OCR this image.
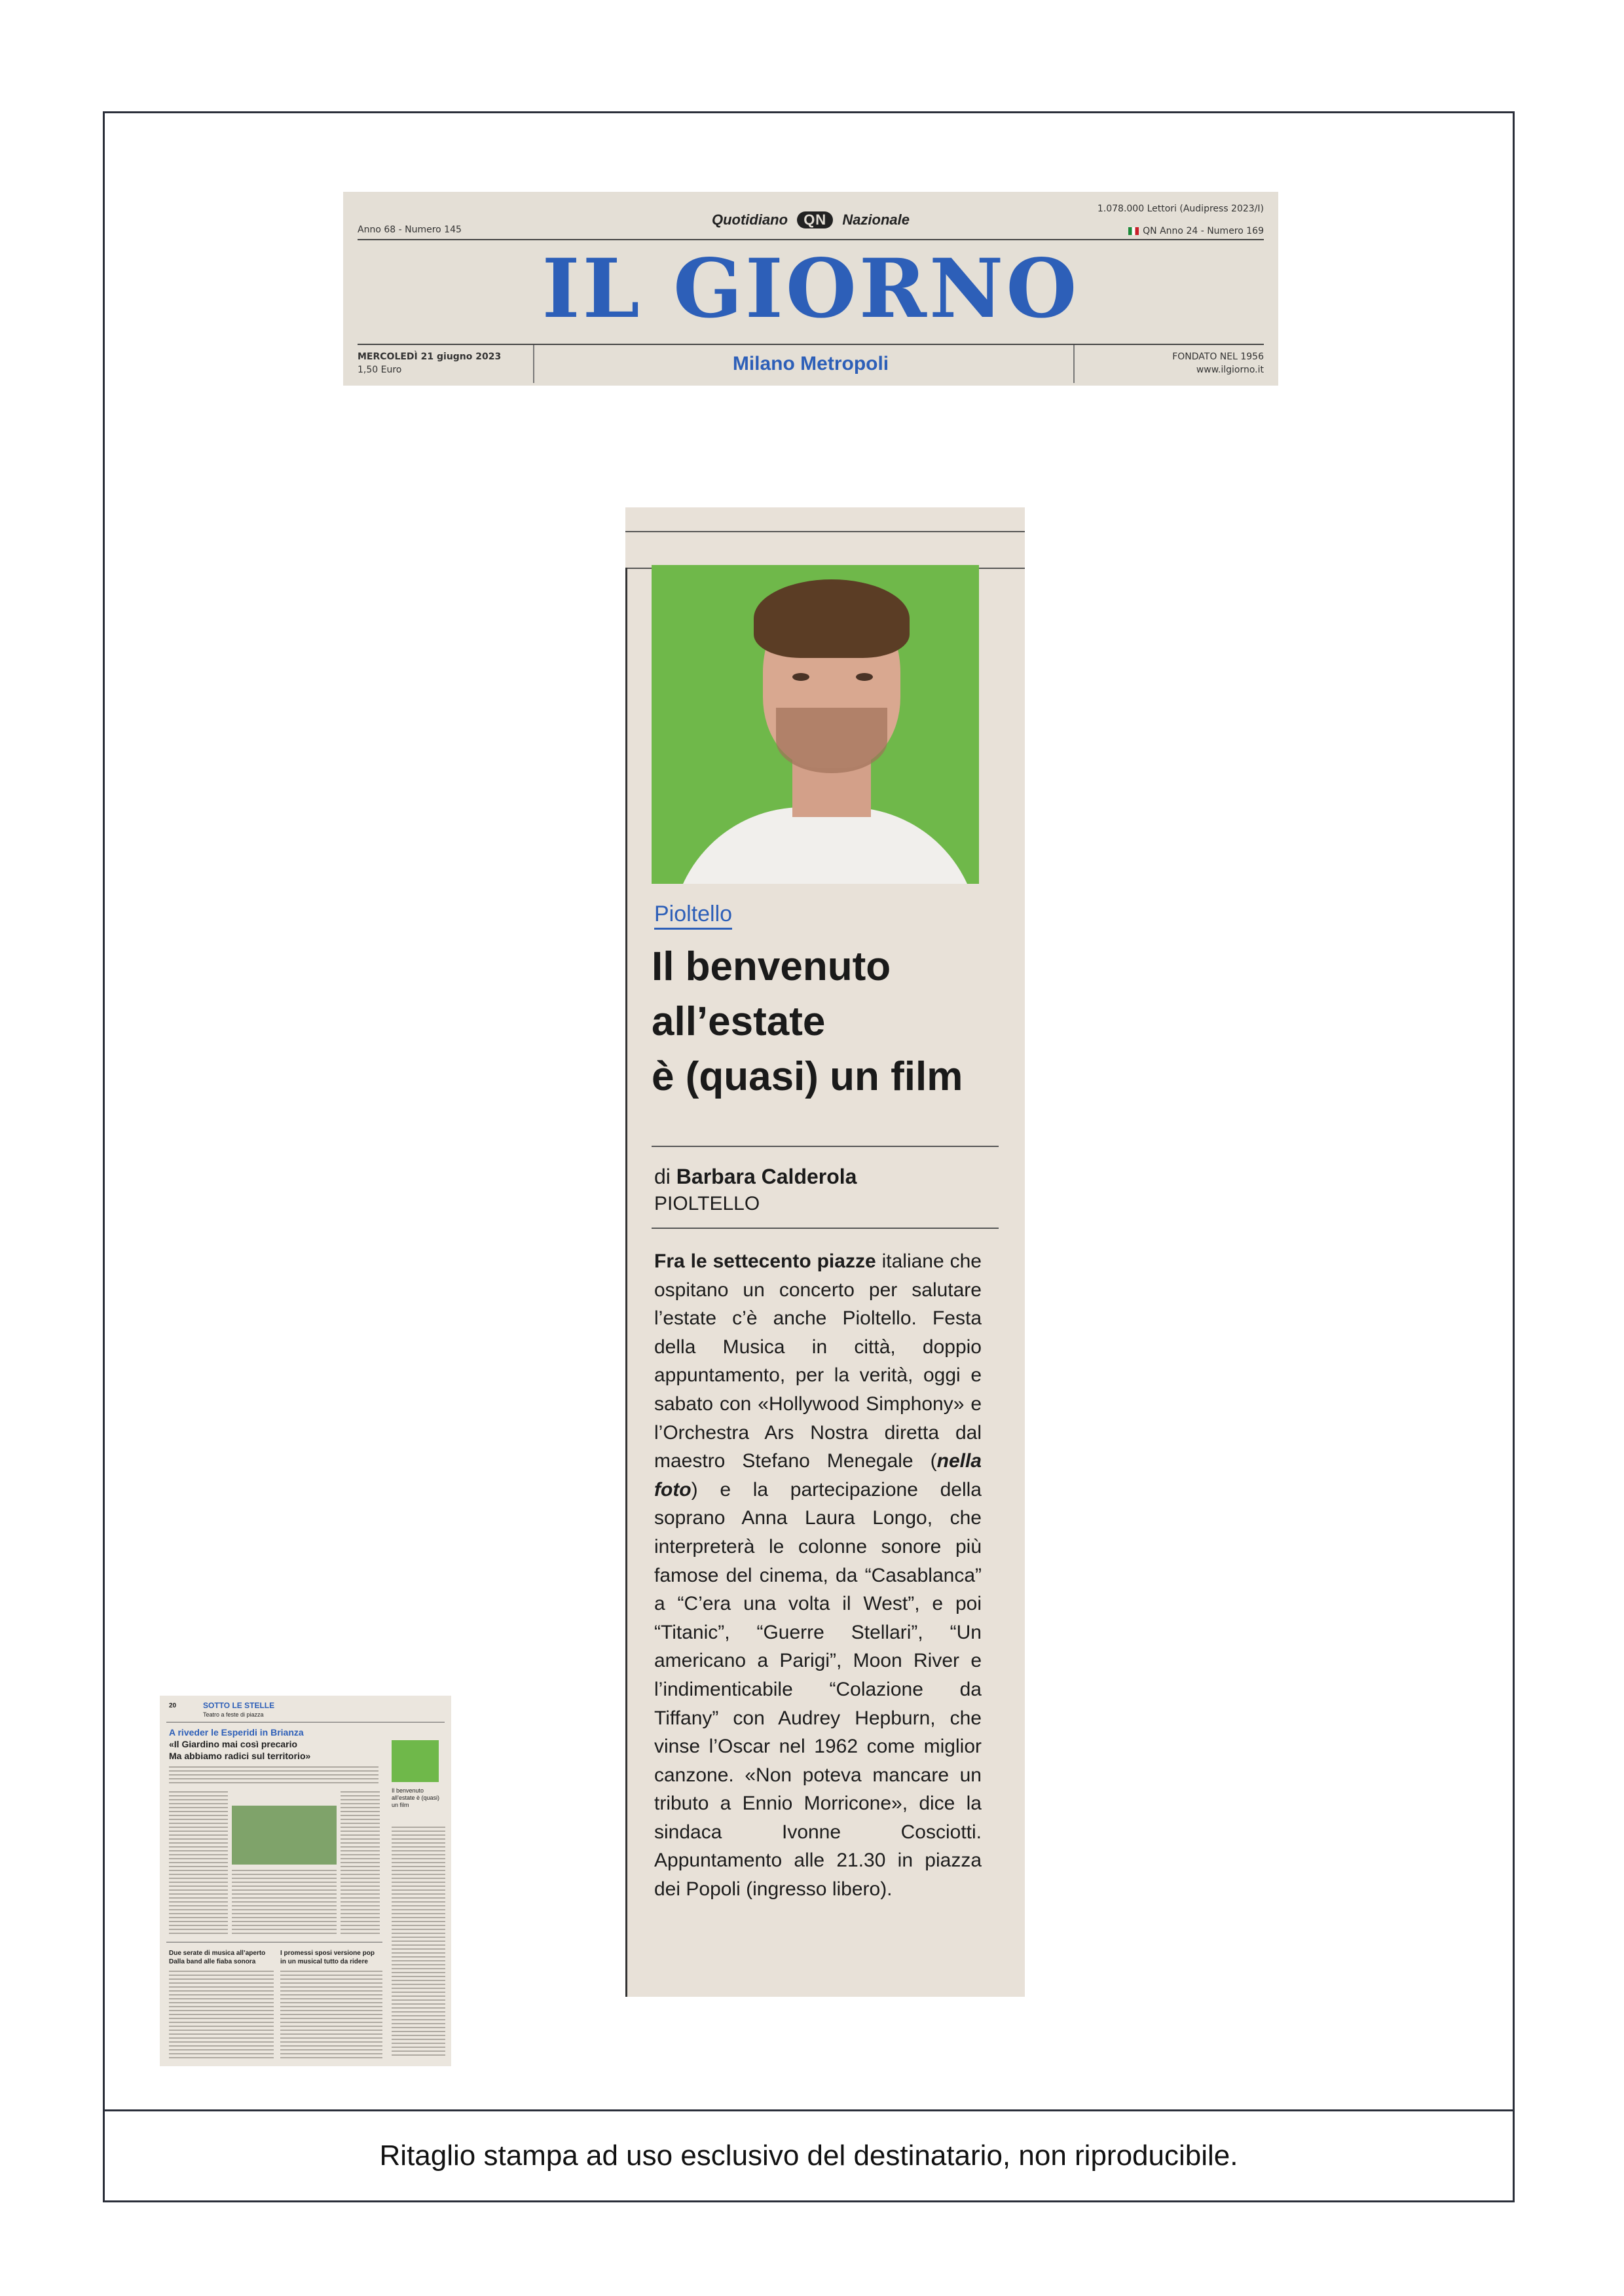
Anno 68 - Numero 145
1.078.000 Lettori (Audipress 2023/I)
QN Anno 24 - Numero 169
Quotidiano QN Nazionale
IL GIORNO
MERCOLEDÌ 21 giugno 2023
1,50 Euro	Milano Metropoli	FONDATO NEL 1956
www.ilgiorno.it
Pioltello
Il benvenuto
all’estate
è (quasi) un film
di Barbara Calderola
PIOLTELLO
Fra le settecento piazze italiane che ospitano un concerto per salutare l’estate c’è anche Pioltello. Festa della Musica in città, doppio appuntamento, per la verità, oggi e sabato con «Hollywood Simphony» e l’Orchestra Ars Nostra diretta dal maestro Stefano Menegale (nella foto) e la partecipazione della soprano Anna Laura Longo, che interpreterà le colonne sonore più famose del cinema, da “Casablanca” a “C’era una volta il West”, e poi “Titanic”, “Guerre Stellari”, “Un americano a Parigi”, Moon River e l’indimenticabile “Colazione da Tiffany” con Audrey Hepburn, che vinse l’Oscar nel 1962 come miglior canzone. «Non poteva mancare un tributo a Ennio Morricone», dice la sindaca Ivonne Cosciotti. Appuntamento alle 21.30 in piazza dei Popoli (ingresso libero).
20	SOTTO LE STELLE
Teatro a feste di piazza
A riveder le Esperidi in Brianza
«Il Giardino mai così precario
Ma abbiamo radici sul territorio»
Il benvenuto all’estate è (quasi) un film
Due serate di musica all’aperto
Dalla band alle fiaba sonora
I promessi sposi versione pop
in un musical tutto da ridere
Ritaglio stampa ad uso esclusivo del destinatario, non riproducibile.
